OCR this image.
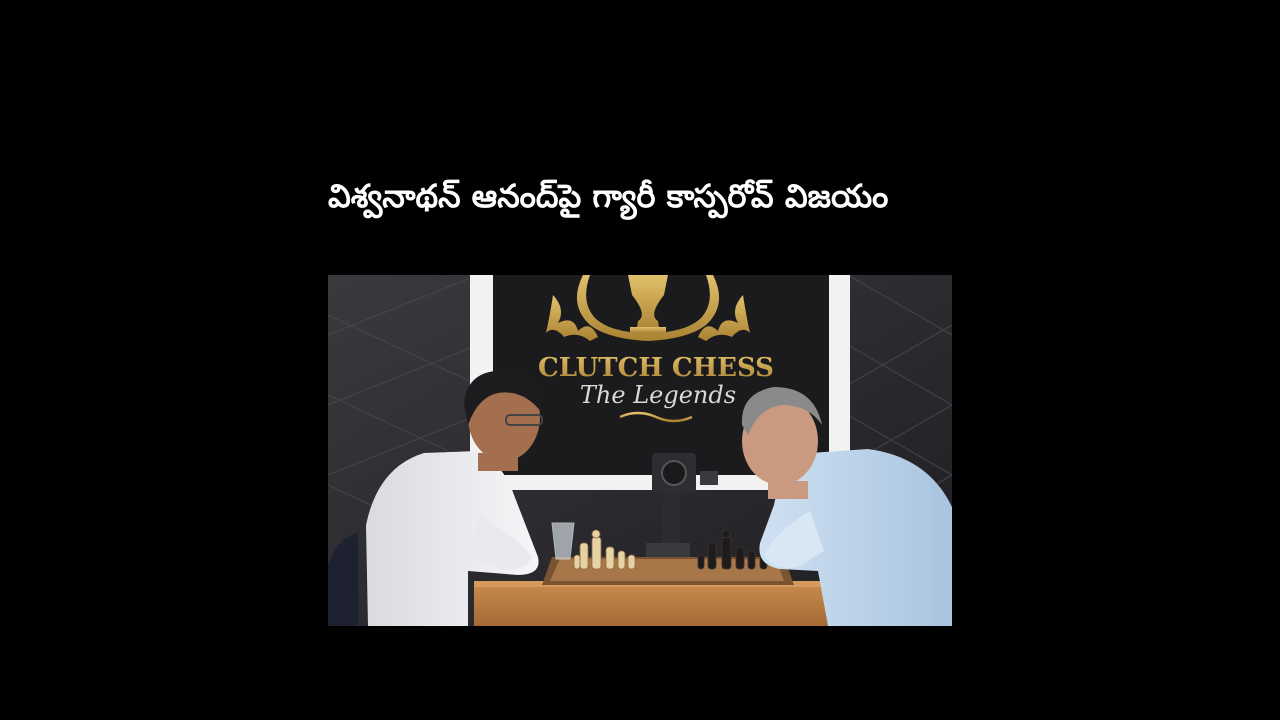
విశ్వనాథన్ ఆనంద్‌పై గ్యారీ కాస్పరోవ్ విజయం
CLUTCH CHESS
The Legends
